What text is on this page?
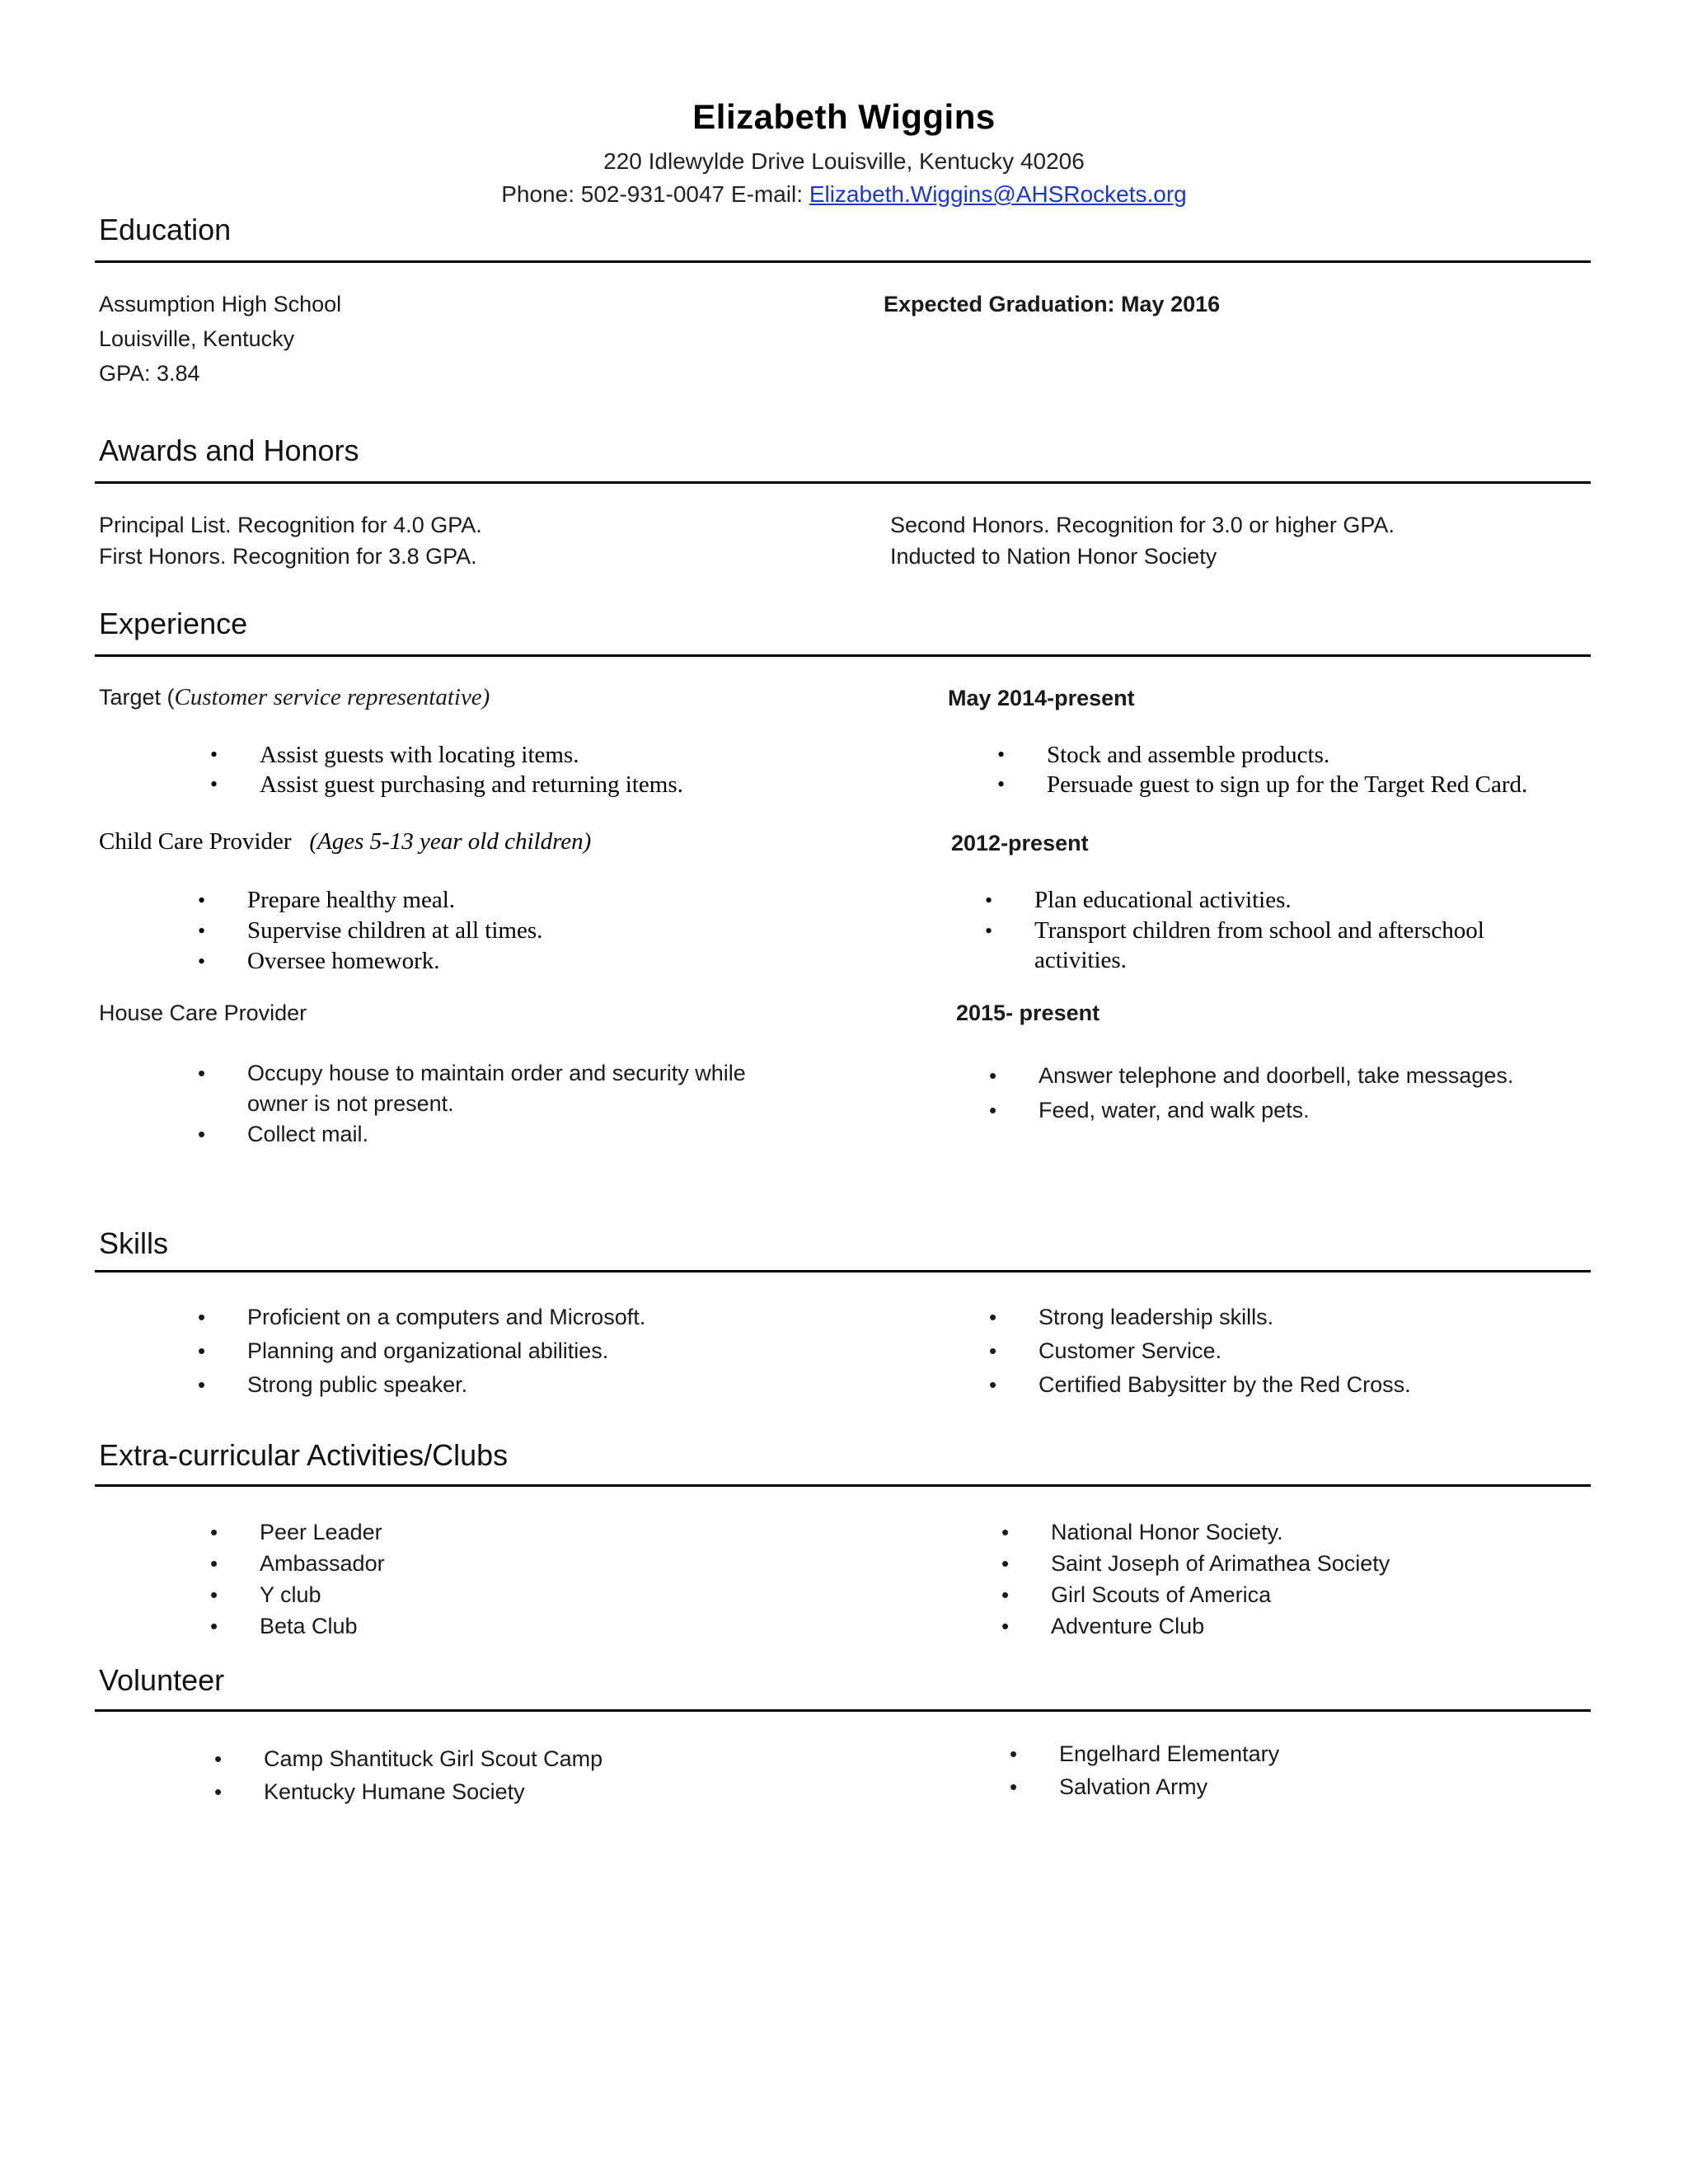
Elizabeth Wiggins
220 Idlewylde Drive Louisville, Kentucky 40206
Phone: 502-931-0047 E-mail: Elizabeth.Wiggins@AHSRockets.org
Education
Assumption High School
Louisville, Kentucky
GPA: 3.84
Expected Graduation: May 2016
Awards and Honors
Principal List. Recognition for 4.0 GPA.
First Honors. Recognition for 3.8 GPA.
Second Honors. Recognition for 3.0 or higher GPA.
Inducted to Nation Honor Society
Experience
Target (Customer service representative)	May 2014-present
• Assist guests with locating items.
• Assist guest purchasing and returning items.
• Stock and assemble products.
• Persuade guest to sign up for the Target Red Card.
Child Care Provider (Ages 5-13 year old children)	2012-present
• Prepare healthy meal.
• Supervise children at all times.
• Oversee homework.
• Plan educational activities.
• Transport children from school and afterschool
activities.
House Care Provider	2015- present
• Occupy house to maintain order and security while
owner is not present.
• Collect mail.
• Answer telephone and doorbell, take messages.
• Feed, water, and walk pets.
Skills
• Proficient on a computers and Microsoft.
• Planning and organizational abilities.
• Strong public speaker.
• Strong leadership skills.
• Customer Service.
• Certified Babysitter by the Red Cross.
Extra-curricular Activities/Clubs
• Peer Leader
• Ambassador
• Y club
• Beta Club
• National Honor Society.
• Saint Joseph of Arimathea Society
• Girl Scouts of America
• Adventure Club
Volunteer
• Camp Shantituck Girl Scout Camp
• Kentucky Humane Society
• Engelhard Elementary
• Salvation Army
